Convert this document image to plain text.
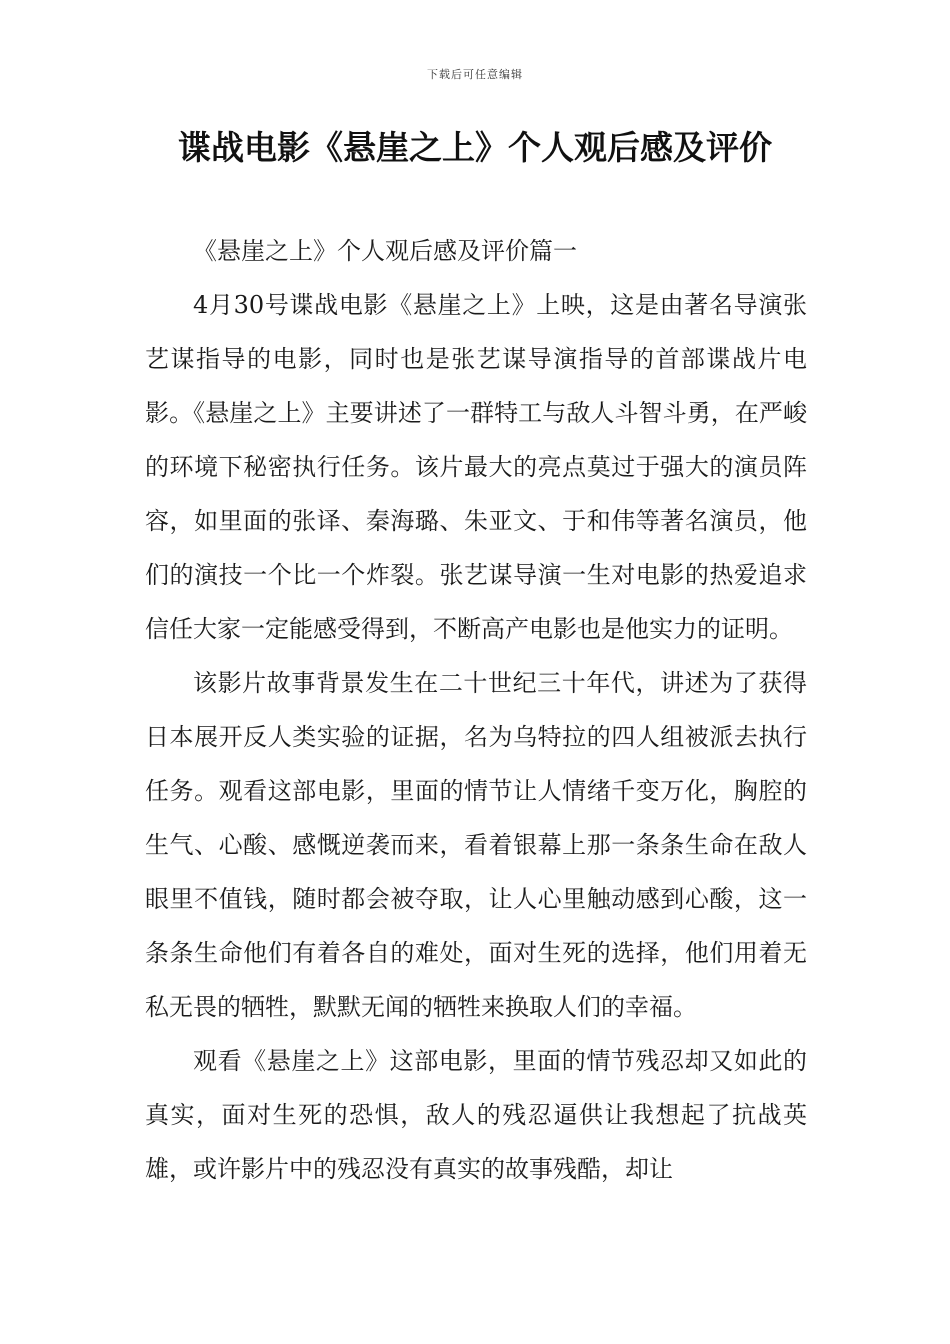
下载后可任意编辑
谍战电影《悬崖之上》个人观后感及评价

《悬崖之上》个人观后感及评价篇一

4月30号谍战电影《悬崖之上》上映，这是由著名导演张艺谋指导的电影，同时也是张艺谋导演指导的首部谍战片电影。《悬崖之上》主要讲述了一群特工与敌人斗智斗勇，在严峻的环境下秘密执行任务。该片最大的亮点莫过于强大的演员阵容，如里面的张译、秦海璐、朱亚文、于和伟等著名演员，他们的演技一个比一个炸裂。张艺谋导演一生对电影的热爱追求信任大家一定能感受得到，不断高产电影也是他实力的证明。

该影片故事背景发生在二十世纪三十年代，讲述为了获得日本展开反人类实验的证据，名为乌特拉的四人组被派去执行任务。观看这部电影，里面的情节让人情绪千变万化，胸腔的生气、心酸、感慨逆袭而来，看着银幕上那一条条生命在敌人眼里不值钱，随时都会被夺取，让人心里触动感到心酸，这一条条生命他们有着各自的难处，面对生死的选择，他们用着无私无畏的牺牲，默默无闻的牺牲来换取人们的幸福。

观看《悬崖之上》这部电影，里面的情节残忍却又如此的真实，面对生死的恐惧，敌人的残忍逼供让我想起了抗战英雄，或许影片中的残忍没有真实的故事残酷，却让
